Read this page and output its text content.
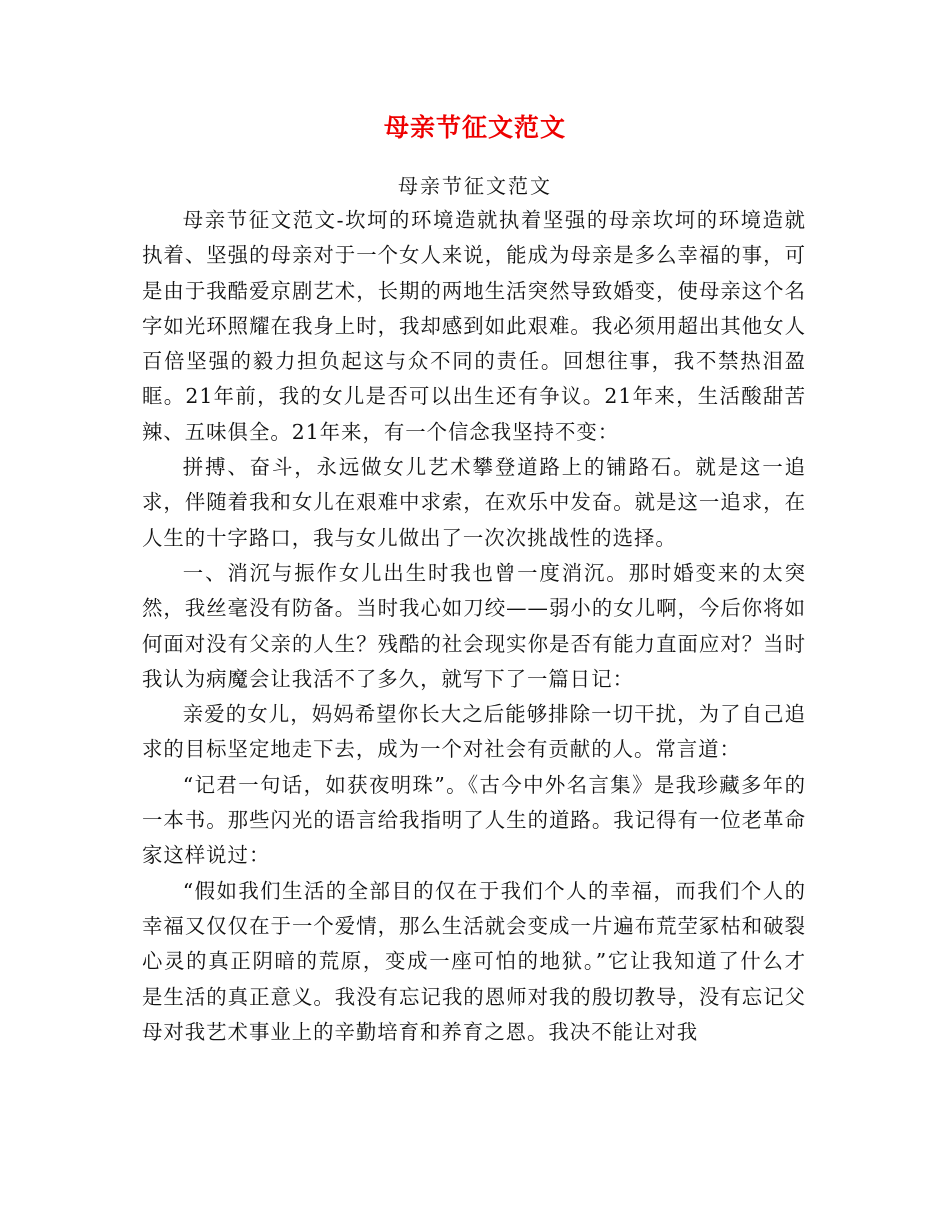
母亲节征文范文
母亲节征文范文

母亲节征文范文-坎坷的环境造就执着坚强的母亲坎坷的环境造就执着、坚强的母亲对于一个女人来说，能成为母亲是多么幸福的事，可是由于我酷爱京剧艺术，长期的两地生活突然导致婚变，使母亲这个名字如光环照耀在我身上时，我却感到如此艰难。我必须用超出其他女人百倍坚强的毅力担负起这与众不同的责任。回想往事，我不禁热泪盈眶。21年前，我的女儿是否可以出生还有争议。21年来，生活酸甜苦辣、五味俱全。21年来，有一个信念我坚持不变：

拼搏、奋斗，永远做女儿艺术攀登道路上的铺路石。就是这一追求，伴随着我和女儿在艰难中求索，在欢乐中发奋。就是这一追求，在人生的十字路口，我与女儿做出了一次次挑战性的选择。

一、消沉与振作女儿出生时我也曾一度消沉。那时婚变来的太突然，我丝毫没有防备。当时我心如刀绞——弱小的女儿啊，今后你将如何面对没有父亲的人生？残酷的社会现实你是否有能力直面应对？当时我认为病魔会让我活不了多久，就写下了一篇日记：

亲爱的女儿，妈妈希望你长大之后能够排除一切干扰，为了自己追求的目标坚定地走下去，成为一个对社会有贡献的人。常言道：

“记君一句话，如获夜明珠”。《古今中外名言集》是我珍藏多年的一本书。那些闪光的语言给我指明了人生的道路。我记得有一位老革命家这样说过：

“假如我们生活的全部目的仅在于我们个人的幸福，而我们个人的幸福又仅仅在于一个爱情，那么生活就会变成一片遍布荒茔冢枯和破裂心灵的真正阴暗的荒原，变成一座可怕的地狱。”它让我知道了什么才是生活的真正意义。我没有忘记我的恩师对我的殷切教导，没有忘记父母对我艺术事业上的辛勤培育和养育之恩。我决不能让对我
